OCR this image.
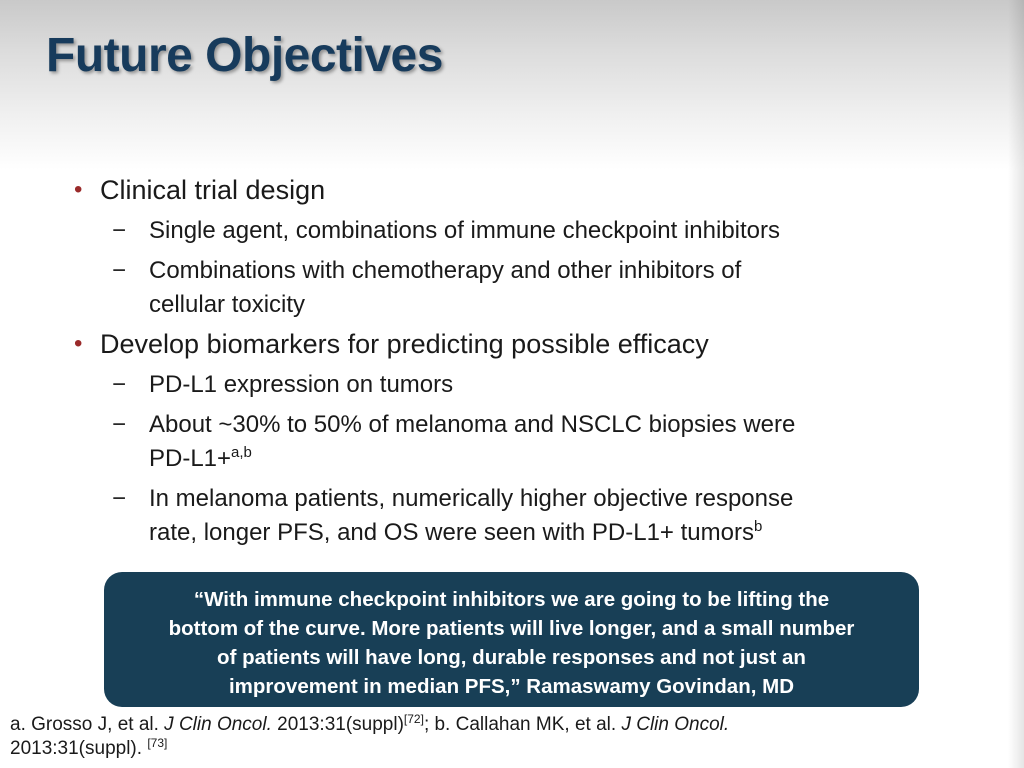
Future Objectives
• Clinical trial design
− Single agent, combinations of immune checkpoint inhibitors
− Combinations with chemotherapy and other inhibitors of
cellular toxicity
• Develop biomarkers for predicting possible efficacy
− PD-L1 expression on tumors
− About ~30% to 50% of melanoma and NSCLC biopsies were
PD-L1+$^{a,b}$
− In melanoma patients, numerically higher objective response
rate, longer PFS, and OS were seen with PD-L1+ tumors$^b$
“With immune checkpoint inhibitors we are going to be lifting the
bottom of the curve. More patients will live longer, and a small number
of patients will have long, durable responses and not just an
improvement in median PFS,” Ramaswamy Govindan, MD
a. Grosso J, et al. J Clin Oncol. 2013:31(suppl)[72]; b. Callahan MK, et al. J Clin Oncol.
2013:31(suppl). [73]
